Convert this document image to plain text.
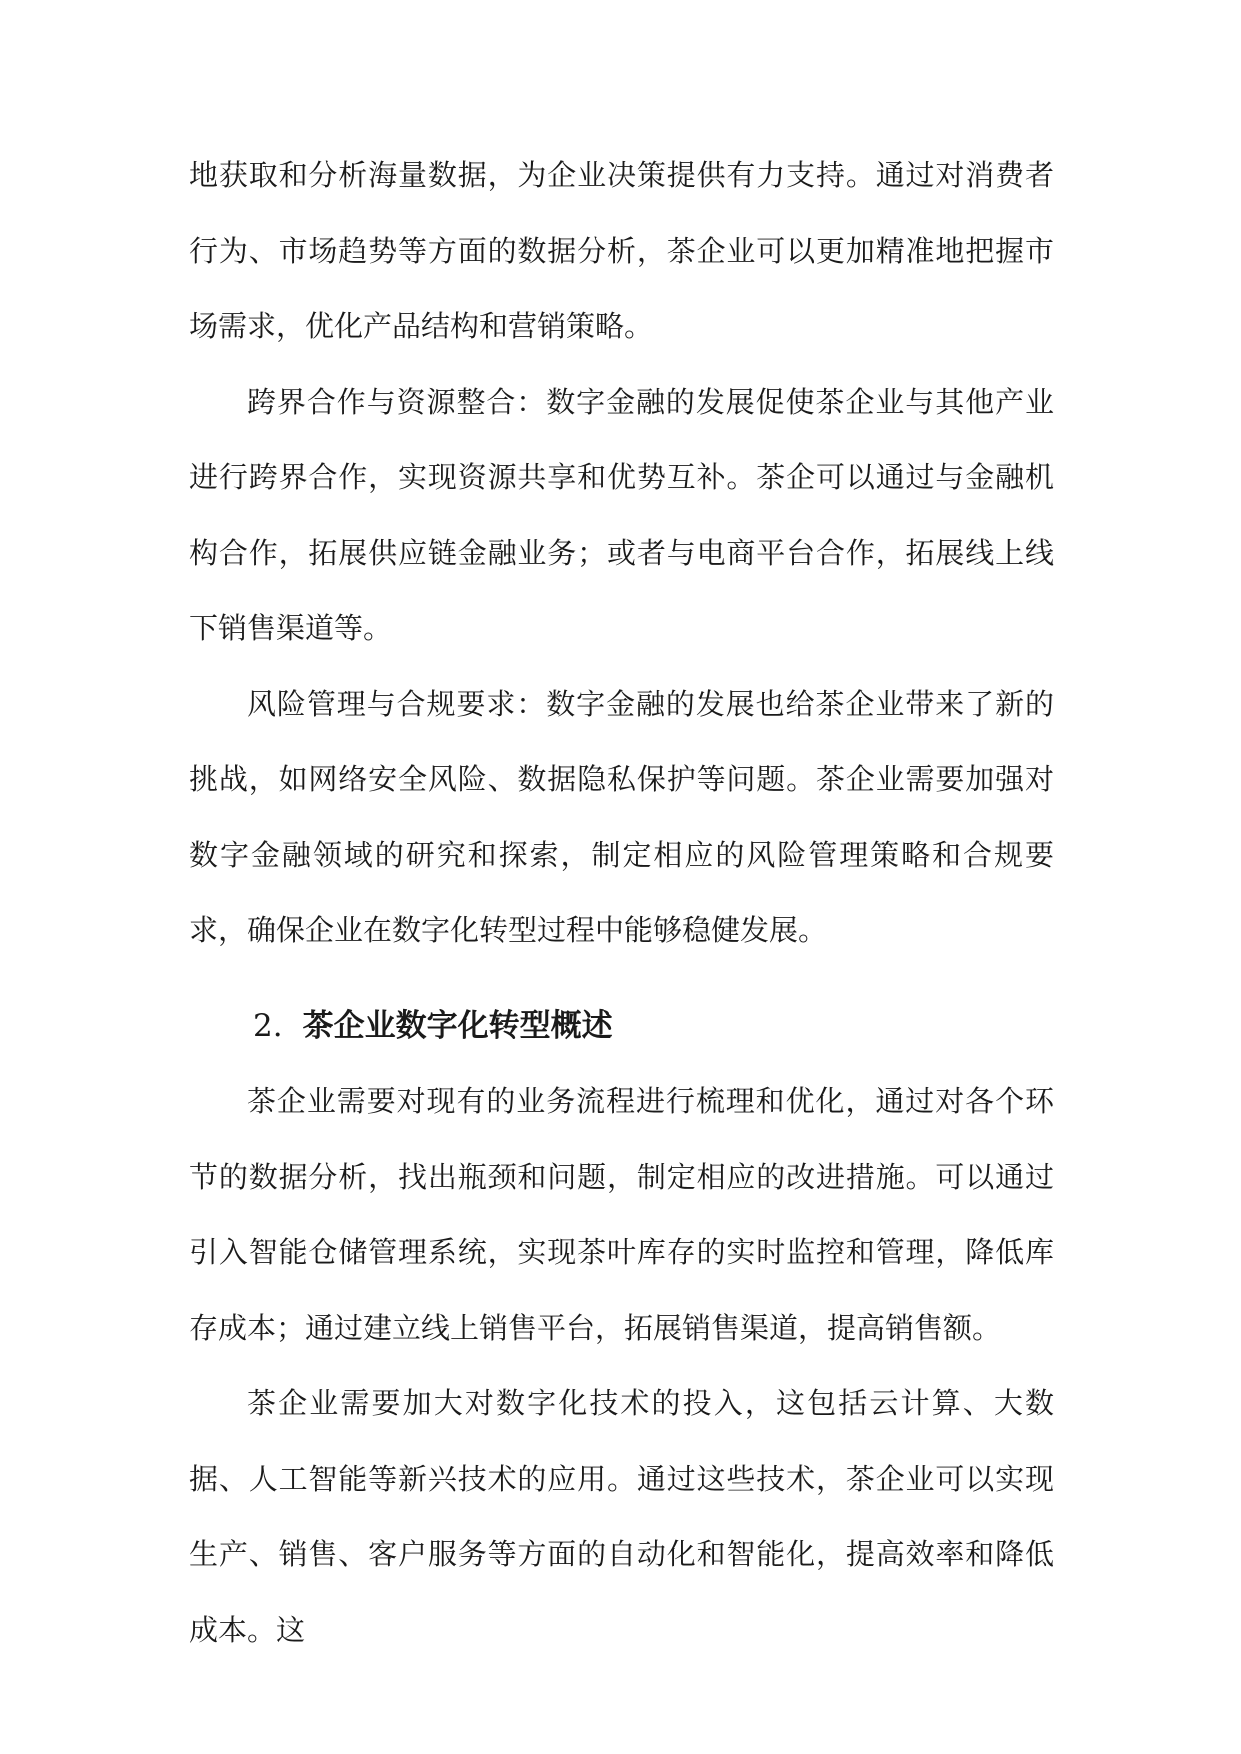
地获取和分析海量数据，为企业决策提供有力支持。通过对消费者行为、市场趋势等方面的数据分析，茶企业可以更加精准地把握市场需求，优化产品结构和营销策略。

跨界合作与资源整合：数字金融的发展促使茶企业与其他产业进行跨界合作，实现资源共享和优势互补。茶企可以通过与金融机构合作，拓展供应链金融业务；或者与电商平台合作，拓展线上线下销售渠道等。

风险管理与合规要求：数字金融的发展也给茶企业带来了新的挑战，如网络安全风险、数据隐私保护等问题。茶企业需要加强对数字金融领域的研究和探索，制定相应的风险管理策略和合规要求，确保企业在数字化转型过程中能够稳健发展。

2. 茶企业数字化转型概述

茶企业需要对现有的业务流程进行梳理和优化，通过对各个环节的数据分析，找出瓶颈和问题，制定相应的改进措施。可以通过引入智能仓储管理系统，实现茶叶库存的实时监控和管理，降低库存成本；通过建立线上销售平台，拓展销售渠道，提高销售额。

茶企业需要加大对数字化技术的投入，这包括云计算、大数据、人工智能等新兴技术的应用。通过这些技术，茶企业可以实现生产、销售、客户服务等方面的自动化和智能化，提高效率和降低成本。这
